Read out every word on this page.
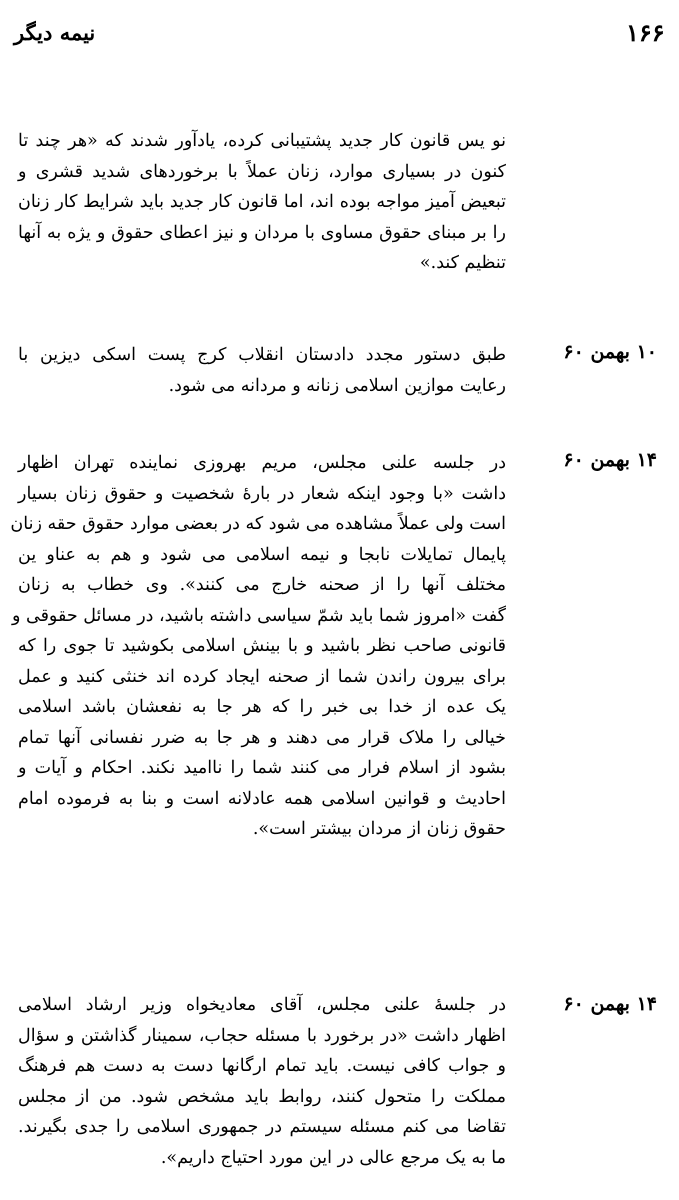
۱۶۶
نیمه دیگر
نو یس قانون کار جدید پشتیبانی کرده، یادآور شدند که «هر چند تا
کنون در بسیاری موارد، زنان عملاً با برخوردهای شدید قشری و
تبعیض آمیز مواجه بوده اند، اما قانون کار جدید باید شرایط کار زنان
را بر مبنای حقوق مساوی با مردان و نیز اعطای حقوق و یژه به آنها
تنظیم کند.»
۱۰ بهمن ۶۰
طبق دستور مجدد دادستان انقلاب کرج پست اسکی دیزین با
رعایت موازین اسلامی زنانه و مردانه می شود.
۱۴ بهمن ۶۰
در جلسه علنی مجلس، مریم بهروزی نماینده تهران اظهار
داشت «با وجود اینکه شعار در بارهٔ شخصیت و حقوق زنان بسیار
است ولی عملاً مشاهده می شود که در بعضی موارد حقوق حقه زنان
پایمال تمایلات نابجا و نیمه اسلامی می شود و هم به عناو ین
مختلف آنها را از صحنه خارج می کنند». وی خطاب به زنان
گفت «امروز شما باید شمّ سیاسی داشته باشید، در مسائل حقوقی و
قانونی صاحب نظر باشید و با بینش اسلامی بکوشید تا جوی را که
برای بیرون راندن شما از صحنه ایجاد کرده اند خنثی کنید و عمل
یک عده از خدا بی خبر را که هر جا به نفعشان باشد اسلامی
خیالی را ملاک قرار می دهند و هر جا به ضرر نفسانی آنها تمام
بشود از اسلام فرار می کنند شما را ناامید نکند. احکام و آیات و
احادیث و قوانین اسلامی همه عادلانه است و بنا به فرموده امام
حقوق زنان از مردان بیشتر است».
۱۴ بهمن ۶۰
در جلسهٔ علنی مجلس، آقای معادیخواه وزیر ارشاد اسلامی
اظهار داشت «در برخورد با مسئله حجاب، سمینار گذاشتن و سؤال
و جواب کافی نیست. باید تمام ارگانها دست به دست هم فرهنگ
مملکت را متحول کنند، روابط باید مشخص شود. من از مجلس
تقاضا می کنم مسئله سیستم در جمهوری اسلامی را جدی بگیرند.
ما به یک مرجع عالی در این مورد احتیاج داریم».
